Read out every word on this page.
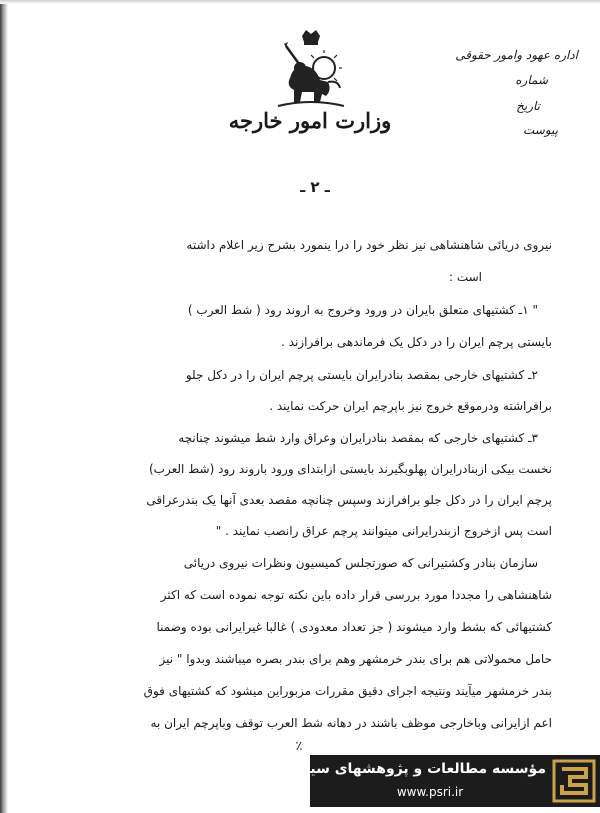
وزارت امور خارجه
اداره عهود وامور حقوقی
شماره
تاریخ
پیوست
ـ ۲ ـ
نیروی دریائی شاهنشاهی نیز نظر خود را درا ینمورد بشرح زیر اعلام داشته
است :
" ۱ـ کشتیهای متعلق بایران در ورود وخروج به اروند رود ( شط العرب )
بایستی پرچم ایران را در دکل یک فرماندهی برافرازند .
۲ـ کشتیهای خارجی بمقصد بنادرایران بایستی پرچم ایران را در دکل جلو
برافراشته ودرموقع خروج نیز باپرچم ایران حرکت نمایند .
۳ـ کشتیهای خارجی که بمقصد بنادرایران وعراق وارد شط میشوند چنانچه
نخست بیکی ازبنادرایران پهلوبگیرند بایستی ازابتدای ورود باروند رود (شط العرب)
پرچم ایران را در دکل جلو برافرازند وسپس چنانچه مقصد بعدی آنها یک بندرعراقی
است پس ازخروج ازبندرایرانی میتوانند پرچم عراق رانصب نمایند . "
سازمان بنادر وکشتیرانی که صورتجلس کمیسیون ونظرات نیروی دریائی
شاهنشاهی را مجددا مورد بررسی قرار داده باین نکته توجه نموده است که اکثر
کشتیهائی که بشط وارد میشوند ( جز تعداد معدودی ) غالبا غیرایرانی بوده وضمنا
حامل محمولاتی هم برای بندر خرمشهر وهم برای بندر بصره میباشند وبدوا " نیز
بندر خرمشهر میآیند ونتیجه اجرای دقیق مقررات مزبوراین میشود که کشتیهای فوق
اعم ازایرانی وباخارجی موظف باشند در دهانه شط العرب توقف وباپرچم ایران به
٪
مؤسسه مطالعات و پژوهشهای سیاسی
www.psri.ir
